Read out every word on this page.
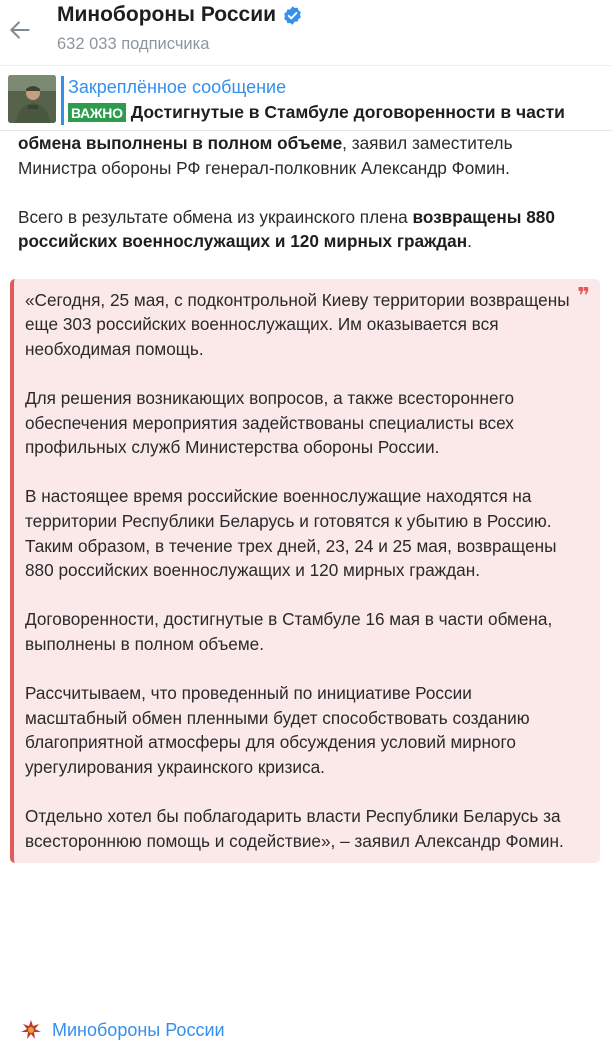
Минобороны России
632 033 подписчика
Закреплённое сообщение
ВАЖНО Достигнутые в Стамбуле договоренности в части

обмена выполнены в полном объеме, заявил заместитель Министра обороны РФ генерал-полковник Александр Фомин.

Всего в результате обмена из украинского плена возвращены 880 российских военнослужащих и 120 мирных граждан.

❞

«Сегодня, 25 мая, с подконтрольной Киеву территории возвращены еще 303 российских военнослужащих. Им оказывается вся необходимая помощь.

Для решения возникающих вопросов, а также всестороннего обеспечения мероприятия задействованы специалисты всех профильных служб Министерства обороны России.

В настоящее время российские военнослужащие находятся на территории Республики Беларусь и готовятся к убытию в Россию. Таким образом, в течение трех дней, 23, 24 и 25 мая, возвращены 880 российских военнослужащих и 120 мирных граждан.

Договоренности, достигнутые в Стамбуле 16 мая в части обмена, выполнены в полном объеме.

Рассчитываем, что проведенный по инициативе России масштабный обмен пленными будет способствовать созданию благоприятной атмосферы для обсуждения условий мирного урегулирования украинского кризиса.

Отдельно хотел бы поблагодарить власти Республики Беларусь за всестороннюю помощь и содействие», – заявил Александр Фомин.

Минобороны России
